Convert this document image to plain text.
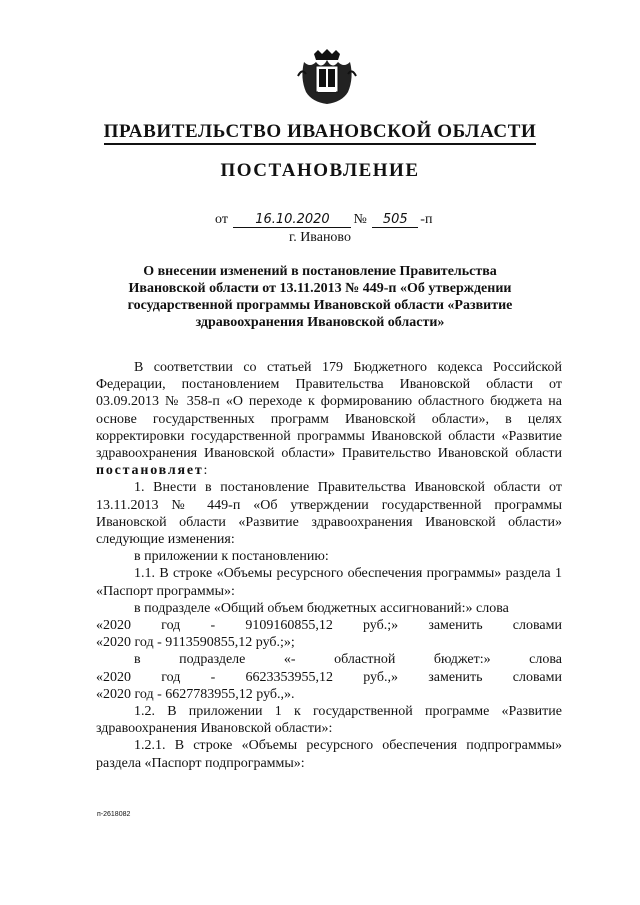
ПРАВИТЕЛЬСТВО ИВАНОВСКОЙ ОБЛАСТИ
ПОСТАНОВЛЕНИЕ
от 16.10.2020 № 505 -п
г. Иваново
О внесении изменений в постановление Правительства Ивановской области от 13.11.2013 № 449-п «Об утверждении государственной программы Ивановской области «Развитие здравоохранения Ивановской области»

В соответствии со статьей 179 Бюджетного кодекса Российской Федерации, постановлением Правительства Ивановской области от 03.09.2013 № 358-п «О переходе к формированию областного бюджета на основе государственных программ Ивановской области», в целях корректировки государственной программы Ивановской области «Развитие здравоохранения Ивановской области» Правительство Ивановской области постановляет:

1. Внести в постановление Правительства Ивановской области от 13.11.2013 № 449-п «Об утверждении государственной программы Ивановской области «Развитие здравоохранения Ивановской области» следующие изменения:

в приложении к постановлению:

1.1. В строке «Объемы ресурсного обеспечения программы» раздела 1 «Паспорт программы»:

в подразделе «Общий объем бюджетных ассигнований:» слова

«2020 год - 9109160855,12 руб.;» заменить словами

«2020 год - 9113590855,12 руб.;»;

в	подразделе	«-	областной	бюджет:»	слова
«2020 год - 6623353955,12 руб.,» заменить словами

«2020 год - 6627783955,12 руб.,».

1.2. В приложении 1 к государственной программе «Развитие здравоохранения Ивановской области»:

1.2.1. В строке «Объемы ресурсного обеспечения подпрограммы» раздела «Паспорт подпрограммы»:

п-2618082
